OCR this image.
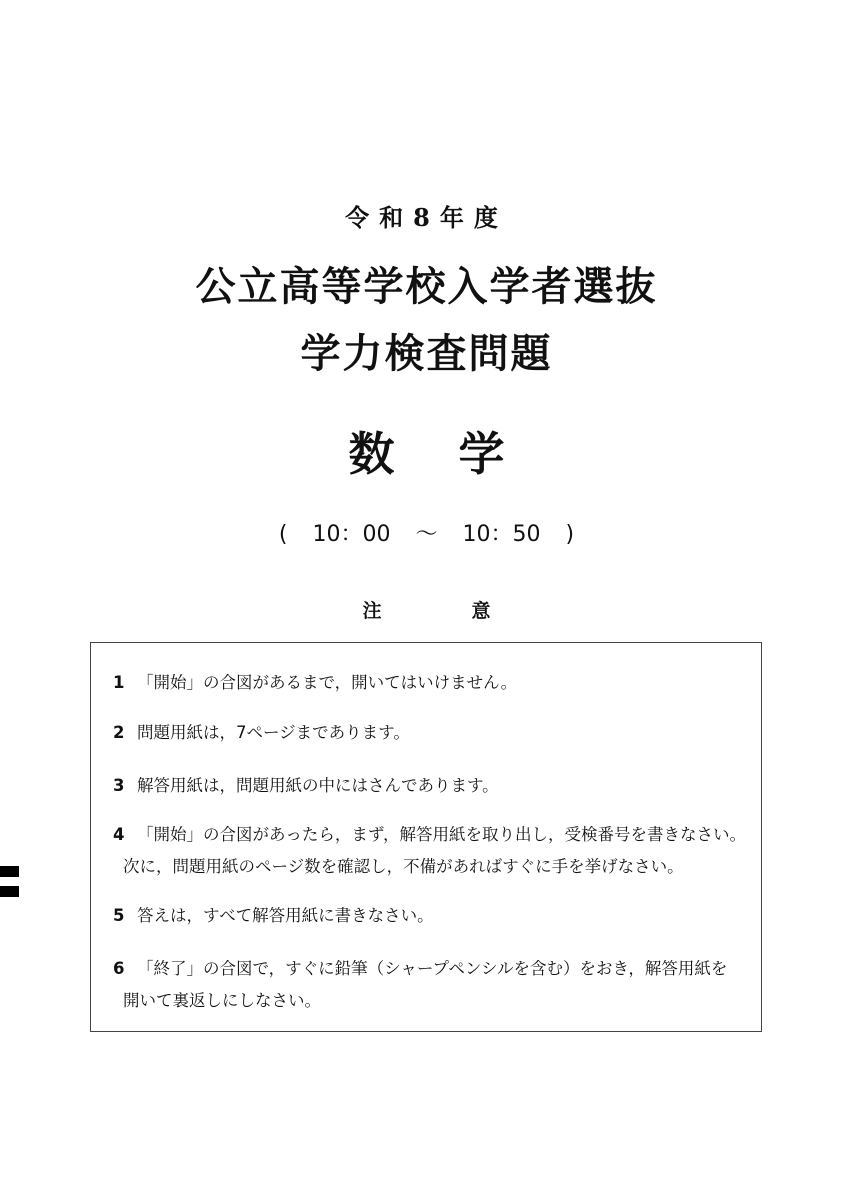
令和8年度
公立高等学校入学者選抜
学力検査問題
数 学
( 10：00 ～ 10：50 )
注	意
1 「開始」の合図があるまで，開いてはいけません。
2 問題用紙は，7ページまであります。
3 解答用紙は，問題用紙の中にはさんであります。
4 「開始」の合図があったら，まず，解答用紙を取り出し，受検番号を書きなさい。
次に，問題用紙のページ数を確認し，不備があればすぐに手を挙げなさい。
5 答えは，すべて解答用紙に書きなさい。
6 「終了」の合図で，すぐに鉛筆（シャープペンシルを含む）をおき，解答用紙を
開いて裏返しにしなさい。
